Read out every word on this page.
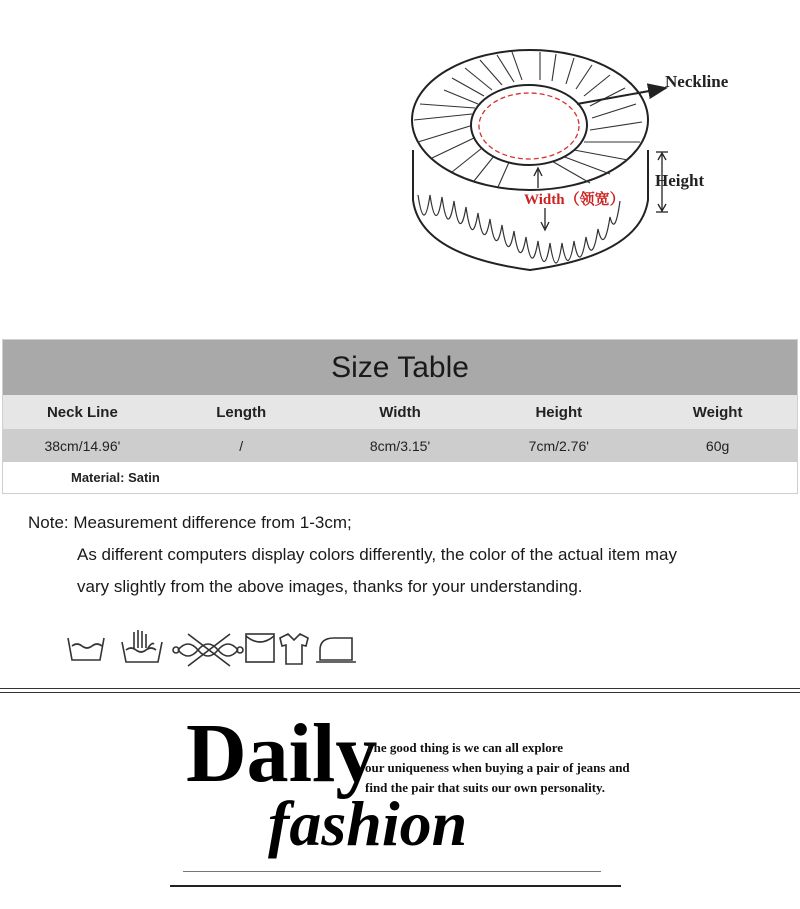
Neckline
Height
Width（领宽）
Size Table
Neck Line	Length	Width	Height	Weight
38cm/14.96'	/	8cm/3.15'	7cm/2.76'	60g
Material: Satin
Note: Measurement difference from 1-3cm;
As different computers display colors differently, the color of the actual item may
vary slightly from the above images, thanks for your understanding.
Daily
fashion
The good thing is we can all explore
our uniqueness when buying a pair of jeans and
find the pair that suits our own personality.
